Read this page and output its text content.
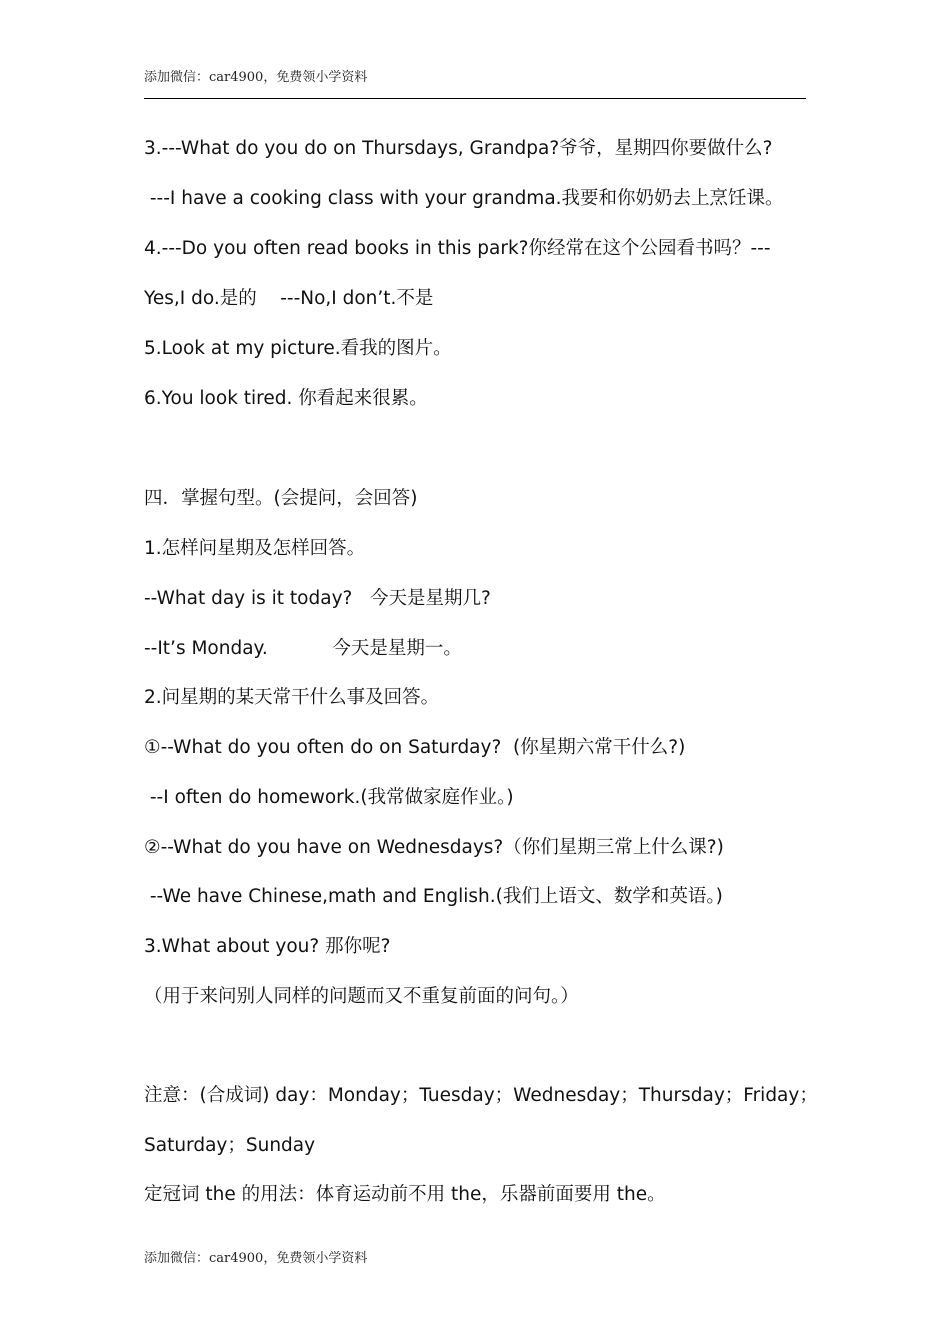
添加微信：car4900，免费领小学资料
3.---What do you do on Thursdays, Grandpa?爷爷，星期四你要做什么?
---I have a cooking class with your grandma.我要和你奶奶去上烹饪课。
4.---Do you often read books in this park?你经常在这个公园看书吗？---
Yes,I do.是的    ---No,I don’t.不是
5.Look at my picture.看我的图片。
6.You look tired. 你看起来很累。
四．掌握句型。(会提问，会回答)
1.怎样问星期及怎样回答。
--What day is it today?   今天是星期几?
--It’s Monday.           今天是星期一。
2.问星期的某天常干什么事及回答。
①--What do you often do on Saturday?  (你星期六常干什么?)
--I often do homework.(我常做家庭作业。)
②--What do you have on Wednesdays?（你们星期三常上什么课?)
--We have Chinese,math and English.(我们上语文、数学和英语。)
3.What about you? 那你呢?
（用于来问别人同样的问题而又不重复前面的问句。）
注意：(合成词) day：Monday；Tuesday；Wednesday；Thursday；Friday；
Saturday；Sunday
定冠词 the 的用法：体育运动前不用 the，乐器前面要用 the。
添加微信：car4900，免费领小学资料
